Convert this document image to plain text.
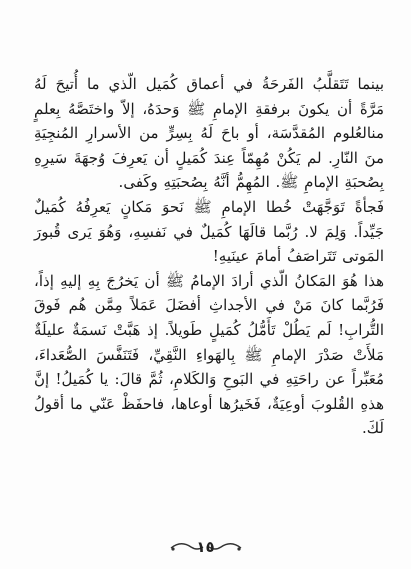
بينما تَتَقلَّبُ الفَرحَةُ في أعماق كُمَيل الّذي ما أُتيحَ لَهُ مَرَّةً أن يكونَ برفقةِ الإمامِ ﷺ وَحدَهُ، إلاّ واختَصَّهُ بِعلمٍ منالعُلوم المُقدَّسَة، أو باحَ لَهُ بِسِرٍّ من الأسرارِ المُنجِيَةِ منَ النّارِ. لم يَكُنْ مُهِمّاً عِندَ كُمَيلٍ أن يَعرِفَ وُجهَةَ سَيرِهِ بِصُحبَةِ الإمامِ ﷺ. المُهِمُّ أنَّهُ بِصُحبَتِهِ وكَفى.

فَجأةً تَوَجَّهَتْ خُطا الإمامِ ﷺ نَحوَ مَكانٍ يَعرِفُهُ كُمَيلٌ جَيِّداً. وَلِمَ لا. رُبَّما قالَهَا كُمَيلٌ في نَفسِهِ، وَهُوَ يَرى قُبورَ المَوتى تَتَراصَفُ أمامَ عينَيهِ!

هذا هُوَ المَكانُ الّذي أرادَ الإمامُ ﷺ أن يَخرُجَ بِهِ إليهِ إذاً، فَرُبَّما كانَ مَنْ في الأجداثِ أفضَلَ عَمَلاً مِمَّن هُم فَوقَ التُّرابِ! لَم يَطُلْ تَأَمُّلُ كُمَيلٍ طَويلاً. إذ هَبَّتْ نَسمَةٌ عليلَةٌ مَلأَتْ صَدْرَ الإمامِ ﷺ بِالهَواءِ النَّقِيِّ، فَتَنَفَّسَ الصُّعَداءَ، مُعَبِّراً عن راحَتِهِ في البَوحِ وَالكَلامِ، ثُمَّ قالَ: يا كُمَيلُ! إنَّ هذهِ القُلوبَ أوعِيَةٌ، فَخَيرُها أوعاها، فاحفَظْ عَنّي ما أقولُ لَكَ.

١٥
